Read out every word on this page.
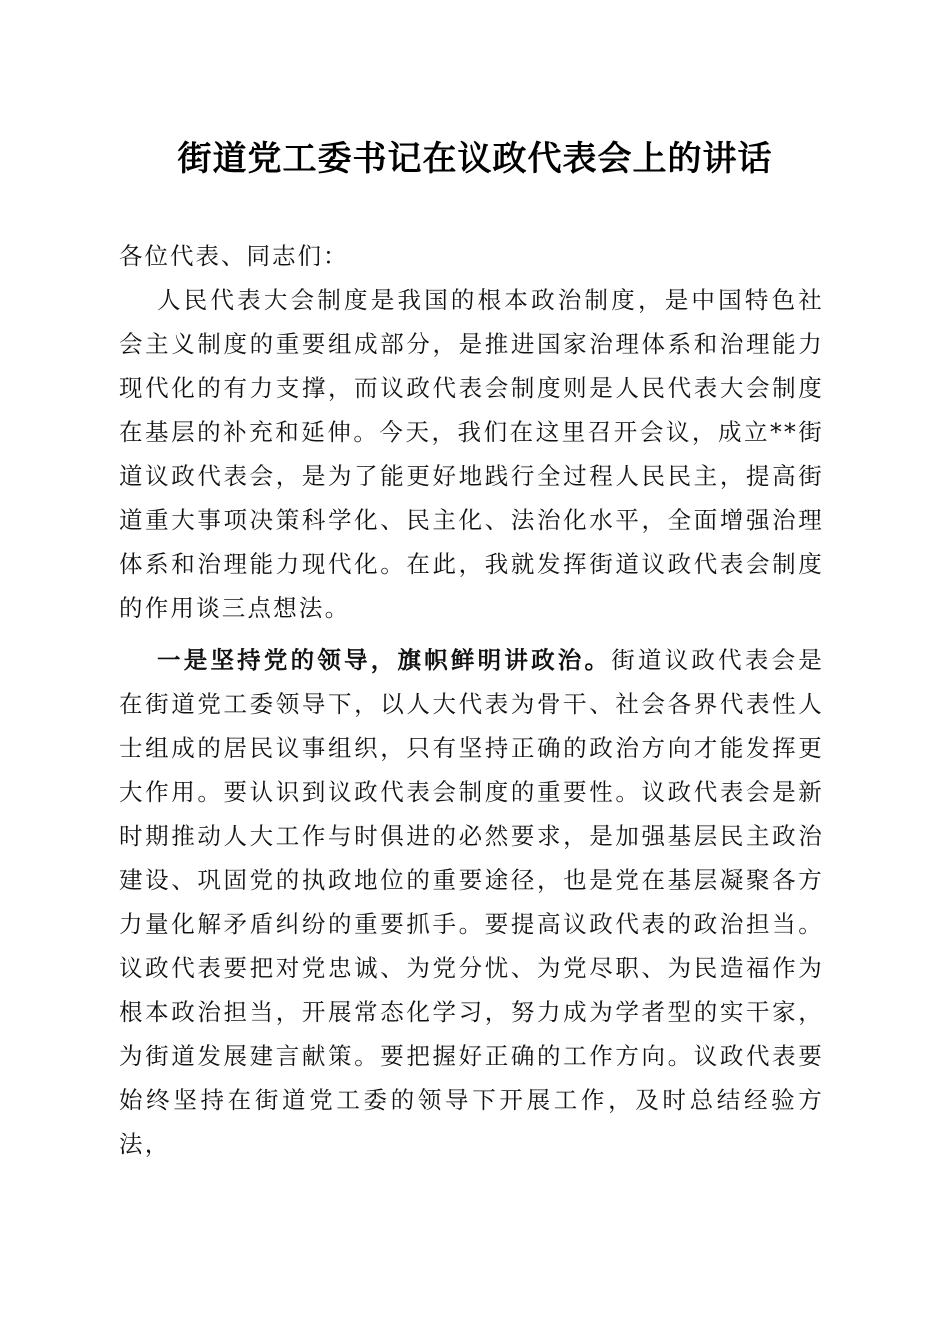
街道党工委书记在议政代表会上的讲话

各位代表、同志们：

人民代表大会制度是我国的根本政治制度，是中国特色社会主义制度的重要组成部分，是推进国家治理体系和治理能力现代化的有力支撑，而议政代表会制度则是人民代表大会制度在基层的补充和延伸。今天，我们在这里召开会议，成立**街道议政代表会，是为了能更好地践行全过程人民民主，提高街道重大事项决策科学化、民主化、法治化水平，全面增强治理体系和治理能力现代化。在此，我就发挥街道议政代表会制度的作用谈三点想法。

一是坚持党的领导，旗帜鲜明讲政治。街道议政代表会是在街道党工委领导下，以人大代表为骨干、社会各界代表性人士组成的居民议事组织，只有坚持正确的政治方向才能发挥更大作用。要认识到议政代表会制度的重要性。议政代表会是新时期推动人大工作与时俱进的必然要求，是加强基层民主政治建设、巩固党的执政地位的重要途径，也是党在基层凝聚各方力量化解矛盾纠纷的重要抓手。要提高议政代表的政治担当。议政代表要把对党忠诚、为党分忧、为党尽职、为民造福作为根本政治担当，开展常态化学习，努力成为学者型的实干家，为街道发展建言献策。要把握好正确的工作方向。议政代表要始终坚持在街道党工委的领导下开展工作，及时总结经验方法，
